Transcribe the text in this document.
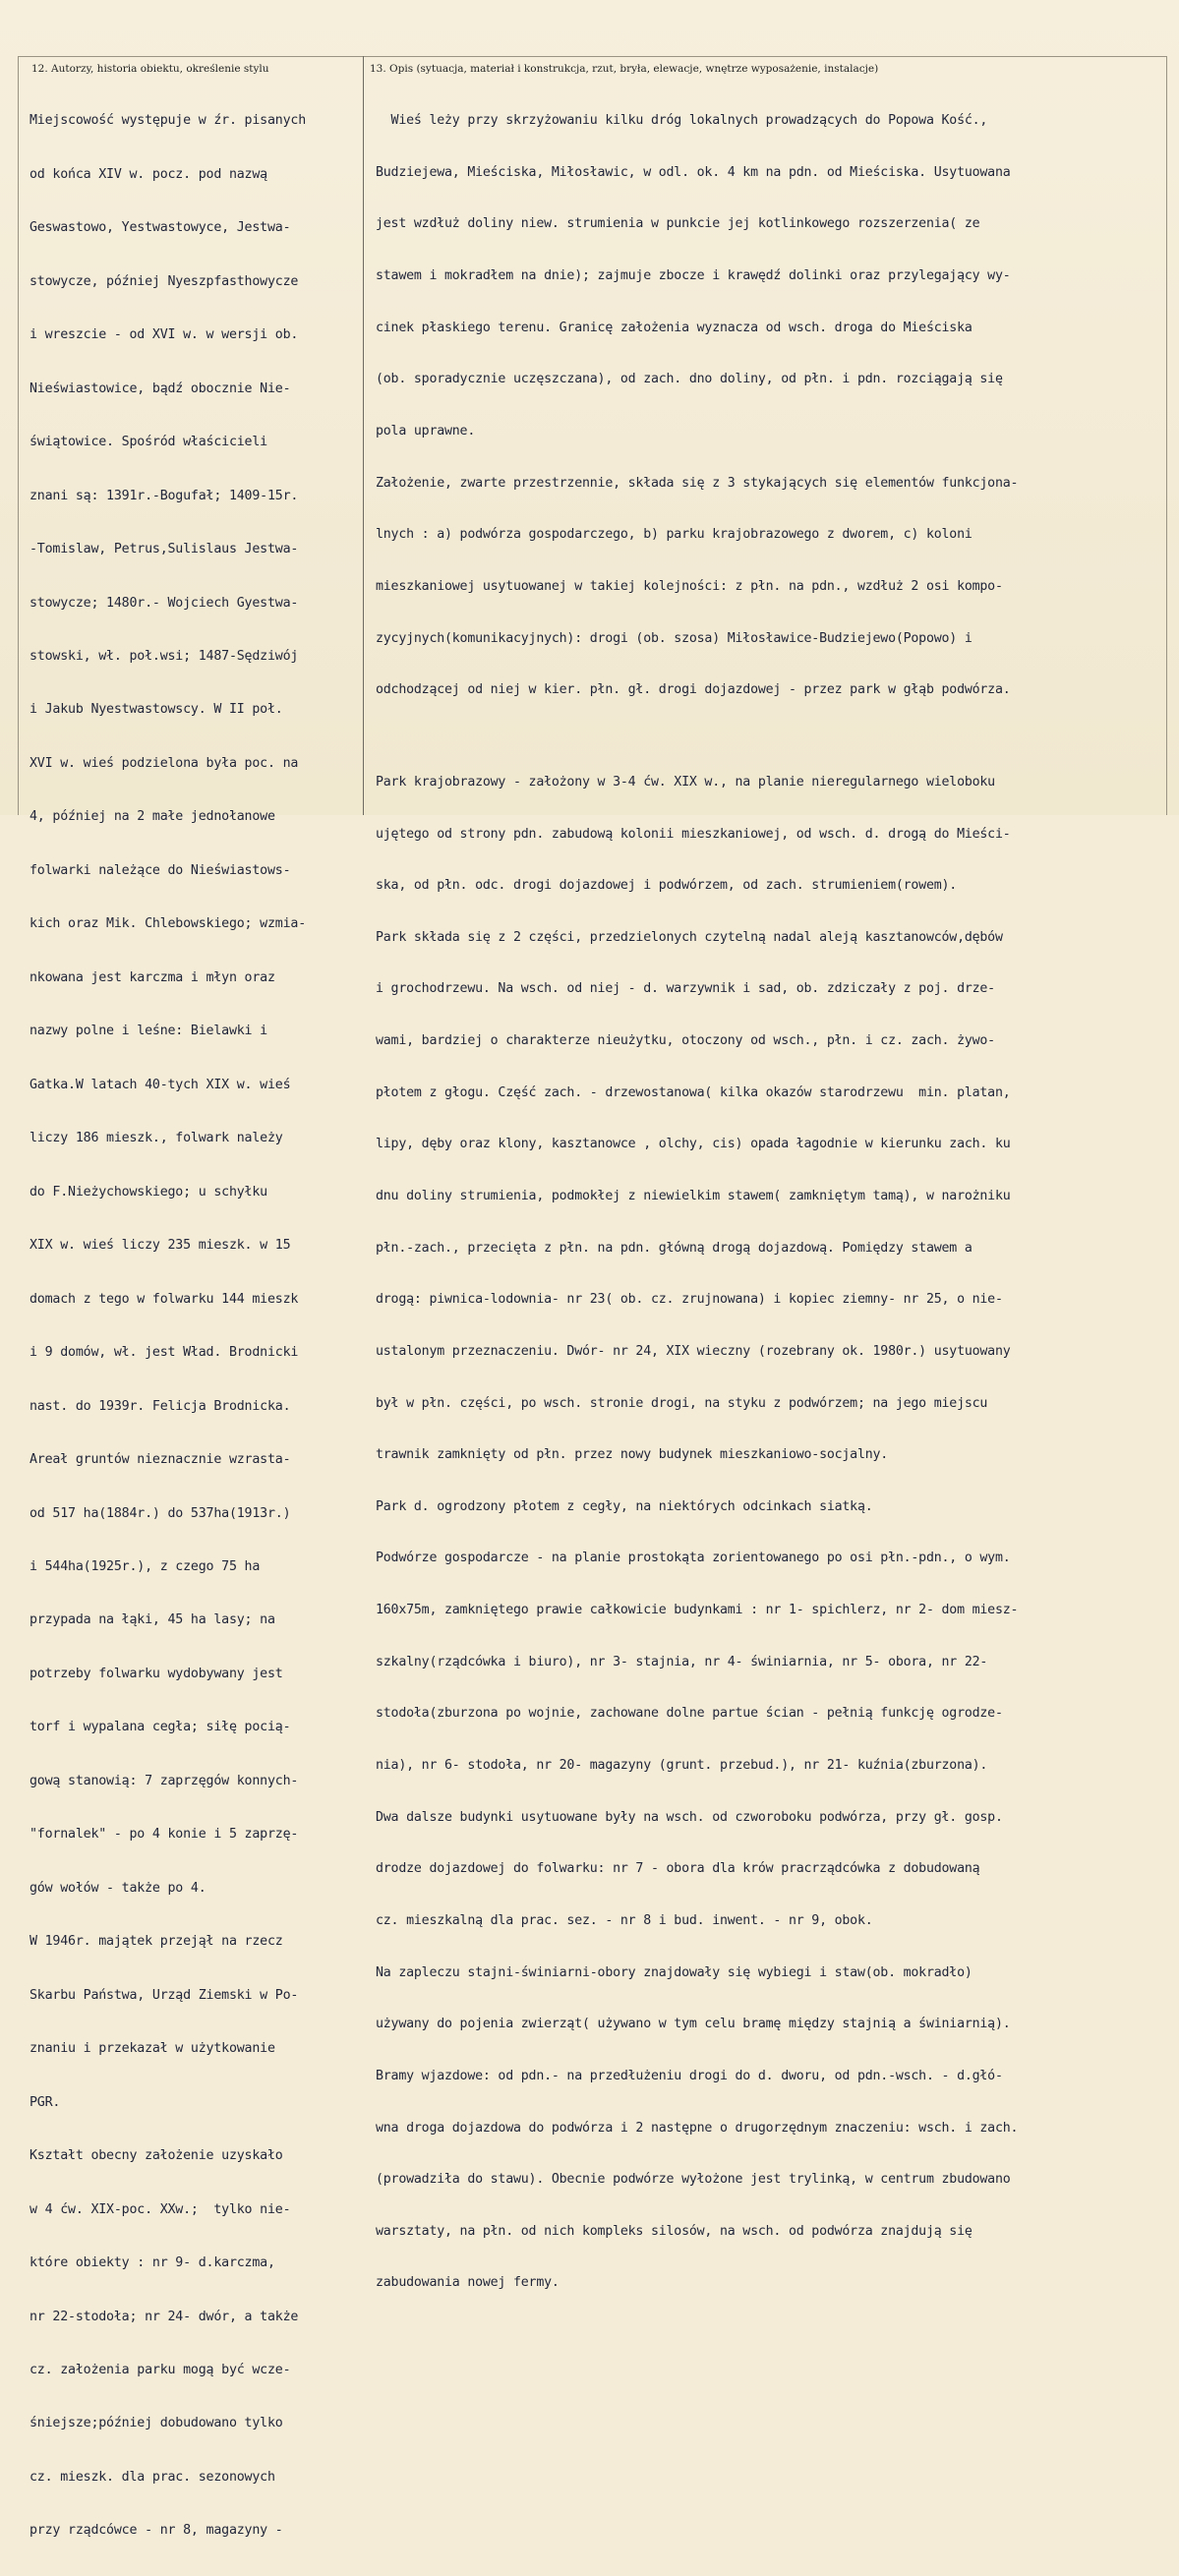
12. Autorzy, historia obiektu, określenie stylu	13. Opis (sytuacja, materiał i konstrukcja, rzut, bryła, elewacje, wnętrze wyposażenie, instalacje)

Miejscowość występuje w źr. pisanych

od końca XIV w. pocz. pod nazwą

Geswastowo, Yestwastowyce, Jestwa-

stowycze, później Nyeszpfasthowycze

i wreszcie - od XVI w. w wersji ob.

Nieświastowice, bądź obocznie Nie-

świątowice. Spośród właścicieli

znani są: 1391r.-Bogufał; 1409-15r.

-Tomislaw, Petrus,Sulislaus Jestwa-

stowycze; 1480r.- Wojciech Gyestwa-

stowski, wł. poł.wsi; 1487-Sędziwój

i Jakub Nyestwastowscy. W II poł.

XVI w. wieś podzielona była poc. na

4, później na 2 małe jednołanowe

folwarki należące do Nieświastows-

kich oraz Mik. Chlebowskiego; wzmia-

nkowana jest karczma i młyn oraz

nazwy polne i leśne: Bielawki i

Gatka.W latach 40-tych XIX w. wieś

liczy 186 mieszk., folwark należy

do F.Nieżychowskiego; u schyłku

XIX w. wieś liczy 235 mieszk. w 15

domach z tego w folwarku 144 mieszk

i 9 domów, wł. jest Wład. Brodnicki

nast. do 1939r. Felicja Brodnicka.

Areał gruntów nieznacznie wzrasta-

od 517 ha(1884r.) do 537ha(1913r.)

i 544ha(1925r.), z czego 75 ha

przypada na łąki, 45 ha lasy; na

potrzeby folwarku wydobywany jest

torf i wypalana cegła; siłę pocią-

gową stanowią: 7 zaprzęgów konnych-

"fornalek" - po 4 konie i 5 zaprzę-

gów wołów - także po 4.

W 1946r. majątek przejął na rzecz

Skarbu Państwa, Urząd Ziemski w Po-

znaniu i przekazał w użytkowanie

PGR.

Kształt obecny założenie uzyskało

w 4 ćw. XIX-poc. XXw.;  tylko nie-

które obiekty : nr 9- d.karczma,

nr 22-stodoła; nr 24- dwór, a także

cz. założenia parku mogą być wcze-

śniejsze;później dobudowano tylko

cz. mieszk. dla prac. sezonowych

przy rządcówce - nr 8, magazyny -

Wieś leży przy skrzyżowaniu kilku dróg lokalnych prowadzących do Popowa Kość.,

Budziejewa, Mieściska, Miłosławic, w odl. ok. 4 km na pdn. od Mieściska. Usytuowana

jest wzdłuż doliny niew. strumienia w punkcie jej kotlinkowego rozszerzenia( ze

stawem i mokradłem na dnie); zajmuje zbocze i krawędź dolinki oraz przylegający wy-

cinek płaskiego terenu. Granicę założenia wyznacza od wsch. droga do Mieściska

(ob. sporadycznie uczęszczana), od zach. dno doliny, od płn. i pdn. rozciągają się

pola uprawne.

Założenie, zwarte przestrzennie, składa się z 3 stykających się elementów funkcjona-

lnych : a) podwórza gospodarczego, b) parku krajobrazowego z dworem, c) koloni

mieszkaniowej usytuowanej w takiej kolejności: z płn. na pdn., wzdłuż 2 osi kompo-

zycyjnych(komunikacyjnych): drogi (ob. szosa) Miłosławice-Budziejewo(Popowo) i

odchodzącej od niej w kier. płn. gł. drogi dojazdowej - przez park w głąb podwórza.

Park krajobrazowy - założony w 3-4 ćw. XIX w., na planie nieregularnego wieloboku

ujętego od strony pdn. zabudową kolonii mieszkaniowej, od wsch. d. drogą do Mieści-

ska, od płn. odc. drogi dojazdowej i podwórzem, od zach. strumieniem(rowem).

Park składa się z 2 części, przedzielonych czytelną nadal aleją kasztanowców,dębów

i grochodrzewu. Na wsch. od niej - d. warzywnik i sad, ob. zdziczały z poj. drze-

wami, bardziej o charakterze nieużytku, otoczony od wsch., płn. i cz. zach. żywo-

płotem z głogu. Część zach. - drzewostanowa( kilka okazów starodrzewu  min. platan,

lipy, dęby oraz klony, kasztanowce , olchy, cis) opada łagodnie w kierunku zach. ku

dnu doliny strumienia, podmokłej z niewielkim stawem( zamkniętym tamą), w narożniku

płn.-zach., przecięta z płn. na pdn. główną drogą dojazdową. Pomiędzy stawem a

drogą: piwnica-lodownia- nr 23( ob. cz. zrujnowana) i kopiec ziemny- nr 25, o nie-

ustalonym przeznaczeniu. Dwór- nr 24, XIX wieczny (rozebrany ok. 1980r.) usytuowany

był w płn. części, po wsch. stronie drogi, na styku z podwórzem; na jego miejscu

trawnik zamknięty od płn. przez nowy budynek mieszkaniowo-socjalny.

Park d. ogrodzony płotem z cegły, na niektórych odcinkach siatką.

Podwórze gospodarcze - na planie prostokąta zorientowanego po osi płn.-pdn., o wym.

160x75m, zamkniętego prawie całkowicie budynkami : nr 1- spichlerz, nr 2- dom miesz-

szkalny(rządcówka i biuro), nr 3- stajnia, nr 4- świniarnia, nr 5- obora, nr 22-

stodoła(zburzona po wojnie, zachowane dolne partue ścian - pełnią funkcję ogrodze-

nia), nr 6- stodoła, nr 20- magazyny (grunt. przebud.), nr 21- kuźnia(zburzona).

Dwa dalsze budynki usytuowane były na wsch. od czworoboku podwórza, przy gł. gosp.

drodze dojazdowej do folwarku: nr 7 - obora dla krów pracrządcówka z dobudowaną

cz. mieszkalną dla prac. sez. - nr 8 i bud. inwent. - nr 9, obok.

Na zapleczu stajni-świniarni-obory znajdowały się wybiegi i staw(ob. mokradło)

używany do pojenia zwierząt( używano w tym celu bramę między stajnią a świniarnią).

Bramy wjazdowe: od pdn.- na przedłużeniu drogi do d. dworu, od pdn.-wsch. - d.głó-

wna droga dojazdowa do podwórza i 2 następne o drugorzędnym znaczeniu: wsch. i zach.

(prowadziła do stawu). Obecnie podwórze wyłożone jest trylinką, w centrum zbudowano

warsztaty, na płn. od nich kompleks silosów, na wsch. od podwórza znajdują się

zabudowania nowej fermy.
